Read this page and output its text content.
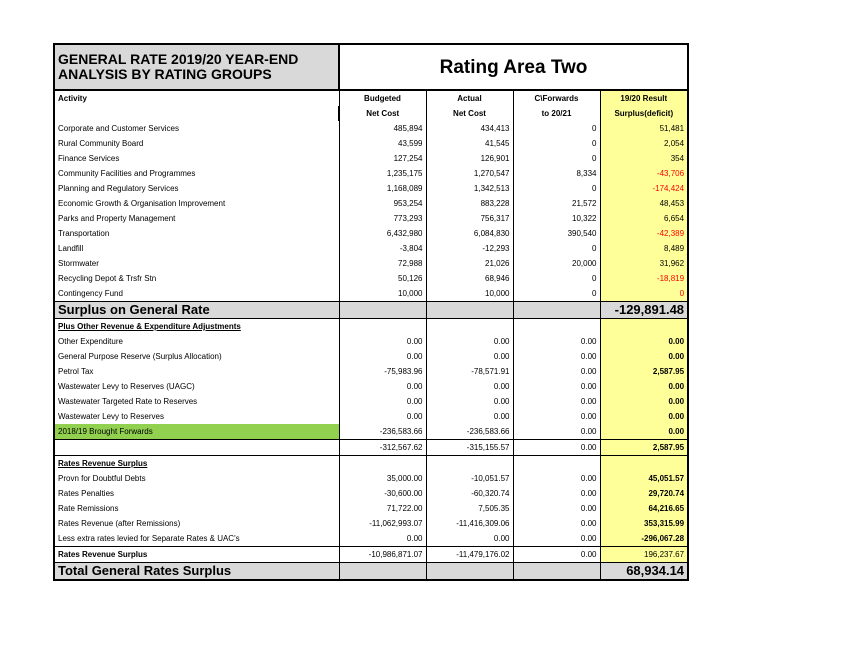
GENERAL RATE 2019/20 YEAR-END ANALYSIS BY RATING GROUPS	Rating Area Two			
Activity	Budgeted	Actual	C\Forwards	19/20 Result
	Net Cost	Net Cost	to 20/21	Surplus(deficit)
Corporate and Customer Services	485,894	434,413	0	51,481
Rural Community Board	43,599	41,545	0	2,054
Finance Services	127,254	126,901	0	354
Community Facilities and Programmes	1,235,175	1,270,547	8,334	-43,706
Planning and Regulatory Services	1,168,089	1,342,513	0	-174,424
Economic Growth & Organisation Improvement	953,254	883,228	21,572	48,453
Parks and Property Management	773,293	756,317	10,322	6,654
Transportation	6,432,980	6,084,830	390,540	-42,389
Landfill	-3,804	-12,293	0	8,489
Stormwater	72,988	21,026	20,000	31,962
Recycling Depot & Trsfr Stn	50,126	68,946	0	-18,819
Contingency Fund	10,000	10,000	0	0
Surplus on General Rate				-129,891.48
Plus Other Revenue & Expenditure Adjustments				
Other Expenditure	0.00	0.00	0.00	0.00
General Purpose Reserve (Surplus Allocation)	0.00	0.00	0.00	0.00
Petrol Tax	-75,983.96	-78,571.91	0.00	2,587.95
Wastewater Levy to Reserves (UAGC)	0.00	0.00	0.00	0.00
Wastewater Targeted Rate to Reserves	0.00	0.00	0.00	0.00
Wastewater Levy to Reserves	0.00	0.00	0.00	0.00
2018/19 Brought Forwards	-236,583.66	-236,583.66	0.00	0.00
	-312,567.62	-315,155.57	0.00	2,587.95
Rates Revenue Surplus				
Provn for Doubtful Debts	35,000.00	-10,051.57	0.00	45,051.57
Rates Penalties	-30,600.00	-60,320.74	0.00	29,720.74
Rate Remissions	71,722.00	7,505.35	0.00	64,216.65
Rates Revenue (after Remissions)	-11,062,993.07	-11,416,309.06	0.00	353,315.99
Less extra rates levied for Separate Rates & UAC's	0.00	0.00	0.00	-296,067.28
Rates Revenue Surplus	-10,986,871.07	-11,479,176.02	0.00	196,237.67
Total General Rates Surplus				68,934.14
